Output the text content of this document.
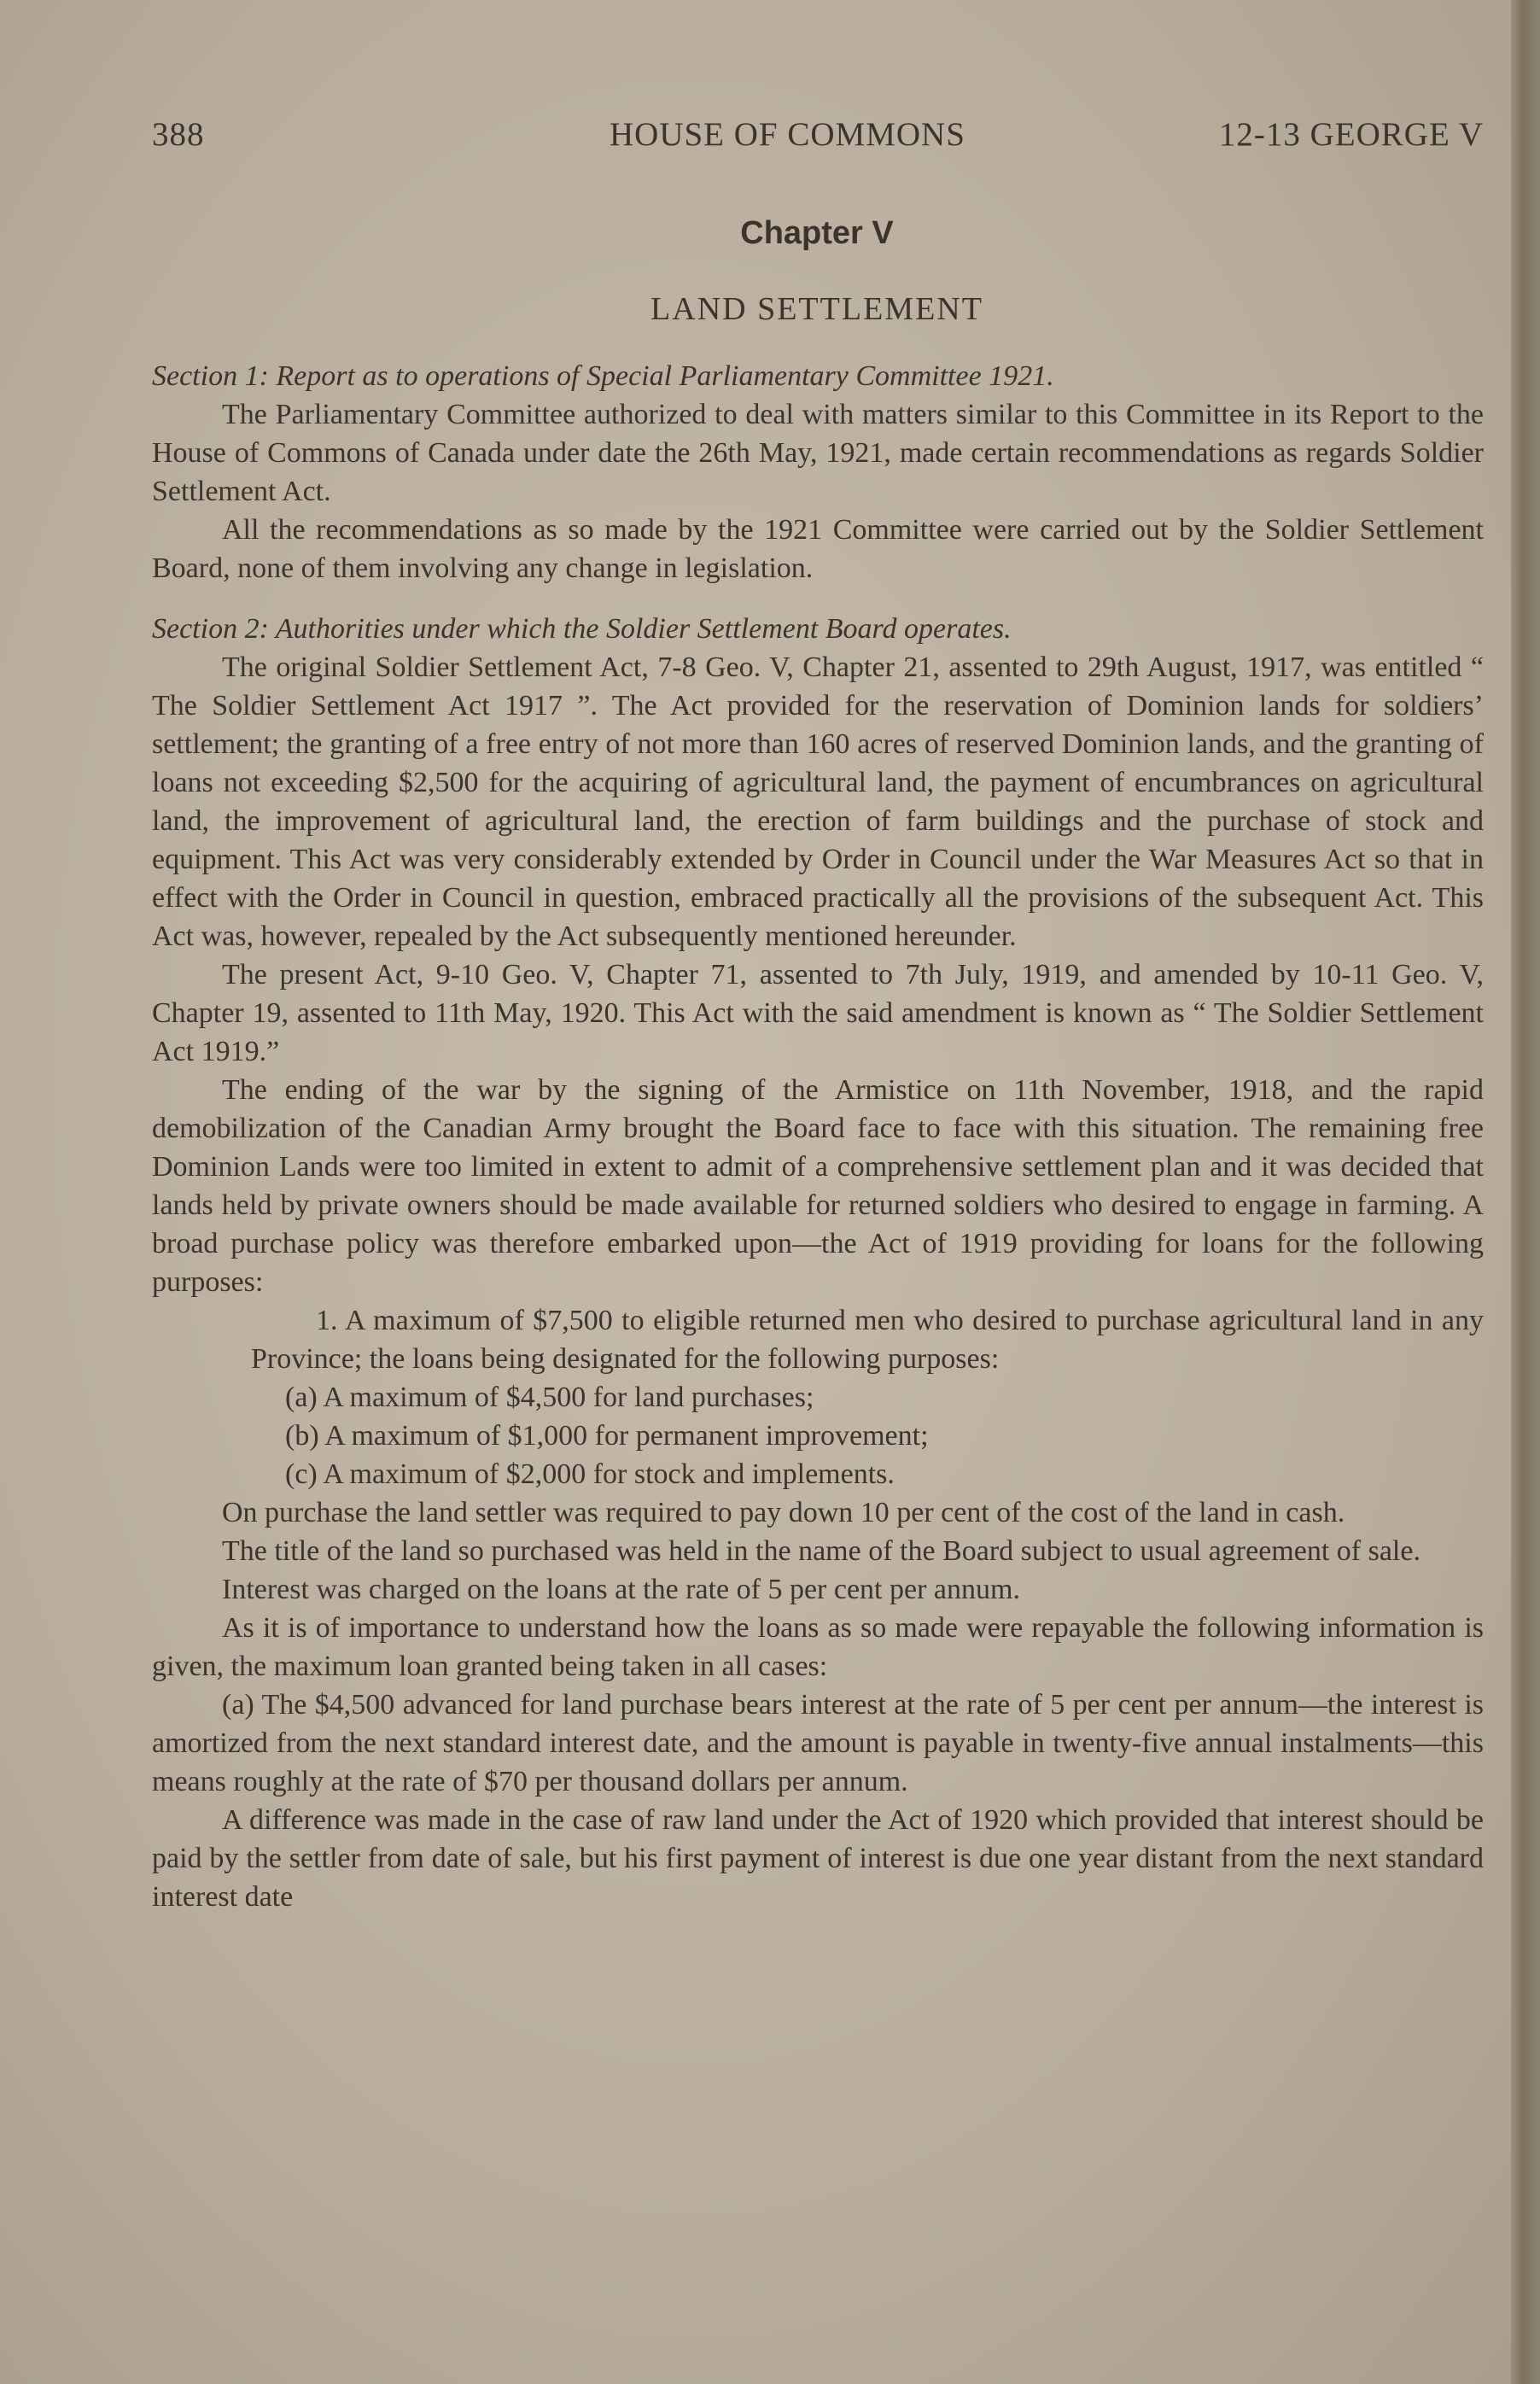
388	HOUSE OF COMMONS	12-13 GEORGE V
Chapter V
LAND SETTLEMENT

Section 1: Report as to operations of Special Parliamentary Committee 1921.

The Parliamentary Committee authorized to deal with matters similar to this Committee in its Report to the House of Commons of Canada under date the 26th May, 1921, made certain recommendations as regards Soldier Settlement Act.

All the recommendations as so made by the 1921 Committee were carried out by the Soldier Settlement Board, none of them involving any change in legislation.

Section 2: Authorities under which the Soldier Settlement Board operates.

The original Soldier Settlement Act, 7-8 Geo. V, Chapter 21, assented to 29th August, 1917, was entitled “ The Soldier Settlement Act 1917 ”. The Act provided for the reservation of Dominion lands for soldiers’ settlement; the granting of a free entry of not more than 160 acres of reserved Dominion lands, and the granting of loans not exceeding $2,500 for the acquiring of agricultural land, the payment of encumbrances on agricultural land, the improvement of agricultural land, the erection of farm buildings and the purchase of stock and equipment. This Act was very considerably extended by Order in Council under the War Measures Act so that in effect with the Order in Council in question, embraced practically all the provisions of the subsequent Act. This Act was, however, repealed by the Act subsequently mentioned hereunder.

The present Act, 9-10 Geo. V, Chapter 71, assented to 7th July, 1919, and amended by 10-11 Geo. V, Chapter 19, assented to 11th May, 1920. This Act with the said amendment is known as “ The Soldier Settlement Act 1919.”

The ending of the war by the signing of the Armistice on 11th November, 1918, and the rapid demobilization of the Canadian Army brought the Board face to face with this situation. The remaining free Dominion Lands were too limited in extent to admit of a comprehensive settlement plan and it was decided that lands held by private owners should be made available for returned soldiers who desired to engage in farming. A broad purchase policy was therefore embarked upon—the Act of 1919 providing for loans for the following purposes:

1. A maximum of $7,500 to eligible returned men who desired to purchase agricultural land in any Province; the loans being designated for the following purposes:

(a) A maximum of $4,500 for land purchases;

(b) A maximum of $1,000 for permanent improvement;

(c) A maximum of $2,000 for stock and implements.

On purchase the land settler was required to pay down 10 per cent of the cost of the land in cash.

The title of the land so purchased was held in the name of the Board subject to usual agreement of sale.

Interest was charged on the loans at the rate of 5 per cent per annum.

As it is of importance to understand how the loans as so made were repayable the following information is given, the maximum loan granted being taken in all cases:

(a) The $4,500 advanced for land purchase bears interest at the rate of 5 per cent per annum—the interest is amortized from the next standard interest date, and the amount is payable in twenty-five annual instalments—this means roughly at the rate of $70 per thousand dollars per annum.

A difference was made in the case of raw land under the Act of 1920 which provided that interest should be paid by the settler from date of sale, but his first payment of interest is due one year distant from the next standard interest date
